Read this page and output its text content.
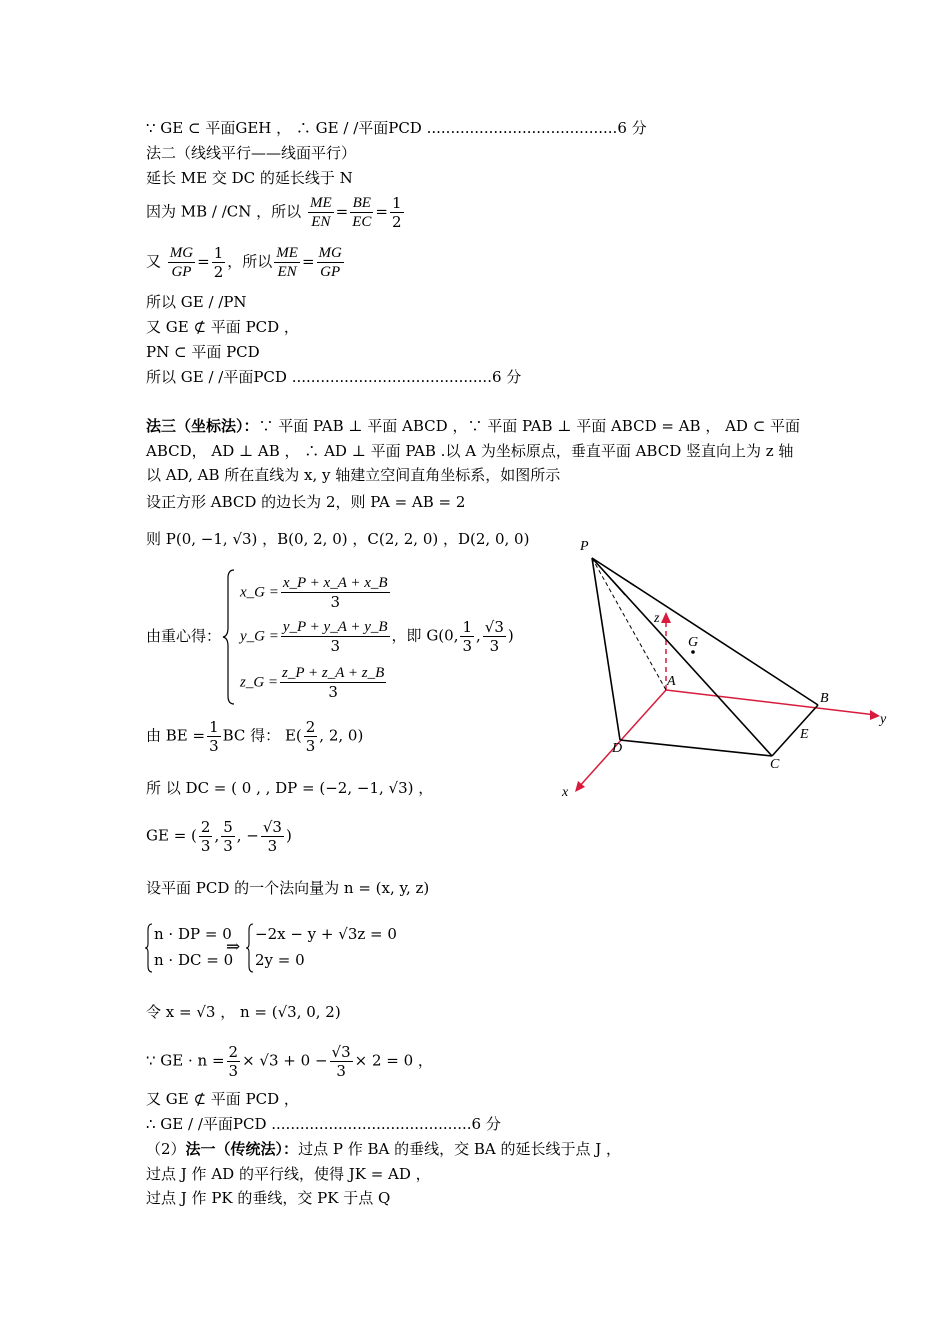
∵ GE ⊂ 平面GEH ， ∴ GE / /平面PCD ........................................6 分
法二（线线平行——线面平行）
延长 ME 交 DC 的延长线于 N
因为 MB / /CN ，所以 $\frac{ME}{EN} = \frac{BE}{EC} = \frac{1}{2}$
又 $\frac{MG}{GP} = \frac{1}{2}$ ，所以 $\frac{ME}{EN} = \frac{MG}{GP}$
所以 GE / /PN
又 GE ⊄ 平面 PCD ，
PN ⊂ 平面 PCD
所以 GE / /平面PCD ..........................................6 分
法三（坐标法）：∵ 平面 PAB ⊥ 平面 ABCD ，∵ 平面 PAB ⊥ 平面 ABCD = AB ， AD ⊂ 平面
ABCD， AD ⊥ AB ， ∴ AD ⊥ 平面 PAB .以 A 为坐标原点，垂直平面 ABCD 竖直向上为 z 轴
以 AD, AB 所在直线为 x, y 轴建立空间直角坐标系，如图所示
设正方形 ABCD 的边长为 2，则 PA = AB = 2
则 P(0, −1, √3) ，B(0, 2, 0) ，C(2, 2, 0) ，D(2, 0, 0)
由重心得：
x_G = $\frac{x\_P + x\_A + x\_B}{3}$
y_G = $\frac{y\_P + y\_A + y\_B}{3}$ ，即 G(0, $\frac{1}{3}$ , $\frac{√3}{3}$ )
z_G = $\frac{z\_P + z\_A + z\_B}{3}$
由 BE = $\frac{1}{3}$ BC 得： $E( \frac{2}{3}$ , 2, 0)
所 以 DC = ( 0 , , DP = (−2, −1, √3) ，
GE = ( $\frac{2}{3}$ , $\frac{5}{3}$ , − $\frac{√3}{3}$ )
设平面 PCD 的一个法向量为 n = (x, y, z)
n · DP = 0
n · DC = 0
⇒
−2x − y + √3z = 0
2y = 0
令 x = √3 ， n = (√3, 0, 2)
∵ GE · $n = \frac{2}{3} \times √3 + 0 - \frac{√3}{3} \times 2 = 0$ ，
又 GE ⊄ 平面 PCD ，
∴ GE / /平面PCD ..........................................6 分
（2）法一（传统法）：过点 P 作 BA 的垂线，交 BA 的延长线于点 J ，
过点 J 作 AD 的平行线，使得 JK = AD ，
过点 J 作 PK 的垂线，交 PK 于点 Q
P
A
B
C
D
E
G
x
y
z
